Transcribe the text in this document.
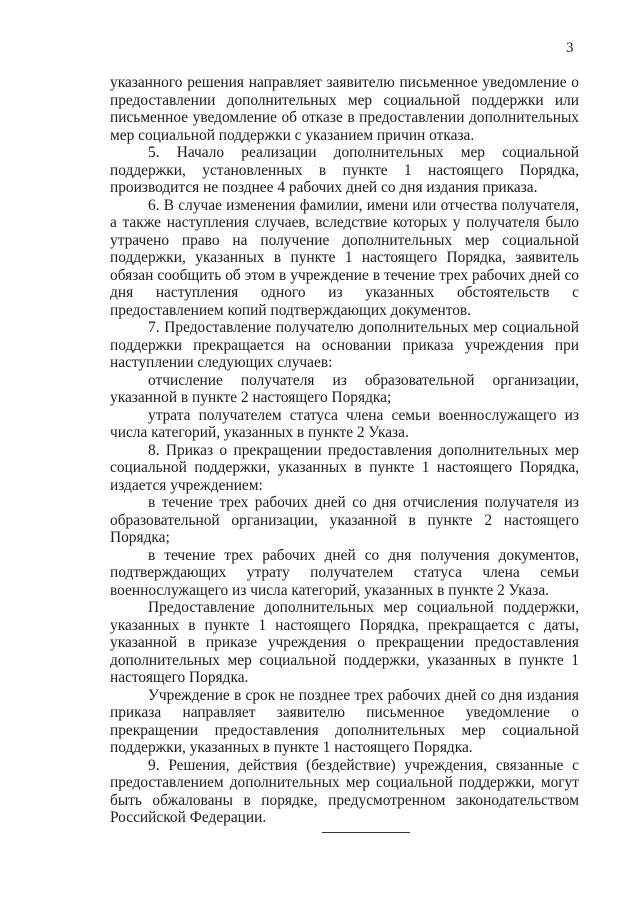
3

указанного решения направляет заявителю письменное уведомление о предоставлении дополнительных мер социальной поддержки или письменное уведомление об отказе в предоставлении дополнительных мер социальной поддержки с указанием причин отказа.

5. Начало реализации дополнительных мер социальной поддержки, установленных в пункте 1 настоящего Порядка, производится не позднее 4 рабочих дней со дня издания приказа.

6. В случае изменения фамилии, имени или отчества получателя, а также наступления случаев, вследствие которых у получателя было утрачено право на получение дополнительных мер социальной поддержки, указанных в пункте 1 настоящего Порядка, заявитель обязан сообщить об этом в учреждение в течение трех рабочих дней со дня наступления одного из указанных обстоятельств с предоставлением копий подтверждающих документов.

7. Предоставление получателю дополнительных мер социальной поддержки прекращается на основании приказа учреждения при наступлении следующих случаев:

отчисление получателя из образовательной организации, указанной в пункте 2 настоящего Порядка;

утрата получателем статуса члена семьи военнослужащего из числа категорий, указанных в пункте 2 Указа.

8. Приказ о прекращении предоставления дополнительных мер социальной поддержки, указанных в пункте 1 настоящего Порядка, издается учреждением:

в течение трех рабочих дней со дня отчисления получателя из образовательной организации, указанной в пункте 2 настоящего Порядка;

в течение трех рабочих дней со дня получения документов, подтверждающих утрату получателем статуса члена семьи военнослужащего из числа категорий, указанных в пункте 2 Указа.

Предоставление дополнительных мер социальной поддержки, указанных в пункте 1 настоящего Порядка, прекращается с даты, указанной в приказе учреждения о прекращении предоставления дополнительных мер социальной поддержки, указанных в пункте 1 настоящего Порядка.

Учреждение в срок не позднее трех рабочих дней со дня издания приказа направляет заявителю письменное уведомление о прекращении предоставления дополнительных мер социальной поддержки, указанных в пункте 1 настоящего Порядка.

9. Решения, действия (бездействие) учреждения, связанные с предоставлением дополнительных мер социальной поддержки, могут быть обжалованы в порядке, предусмотренном законодательством Российской Федерации.
